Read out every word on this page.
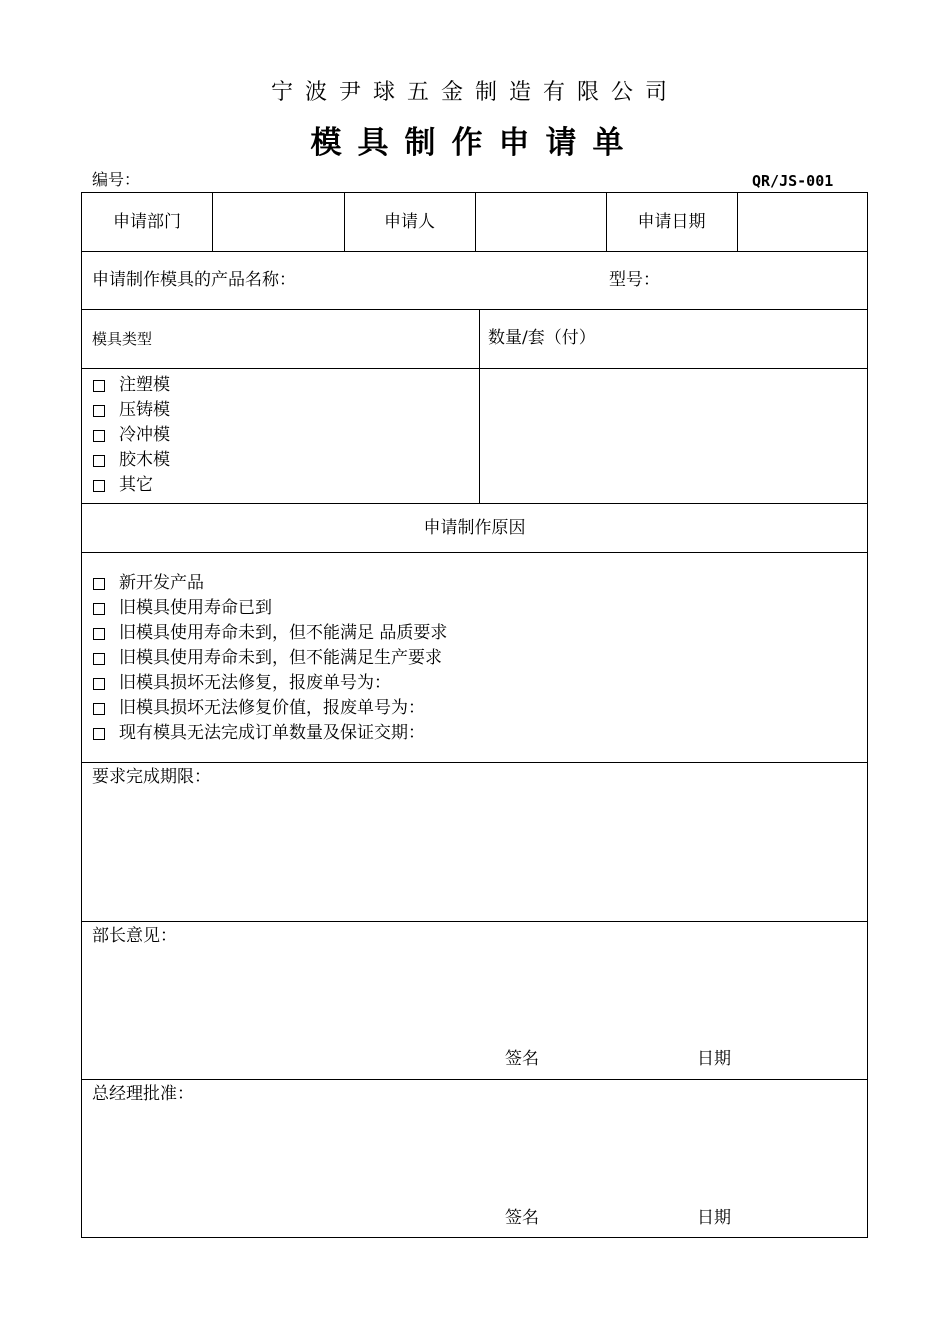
宁波尹球五金制造有限公司
模具制作申请单
编号：	QR/JS-001
申请部门	申请人	申请日期
申请制作模具的产品名称：	型号：
模具类型	数量/套（付）
注塑模
压铸模
冷冲模
胶木模
其它
申请制作原因
新开发产品
旧模具使用寿命已到
旧模具使用寿命未到，但不能满足 品质要求
旧模具使用寿命未到，但不能满足生产要求
旧模具损坏无法修复，报废单号为：
旧模具损坏无法修复价值，报废单号为：
现有模具无法完成订单数量及保证交期：
要求完成期限：
部长意见：
签名	日期
总经理批准：
签名	日期
